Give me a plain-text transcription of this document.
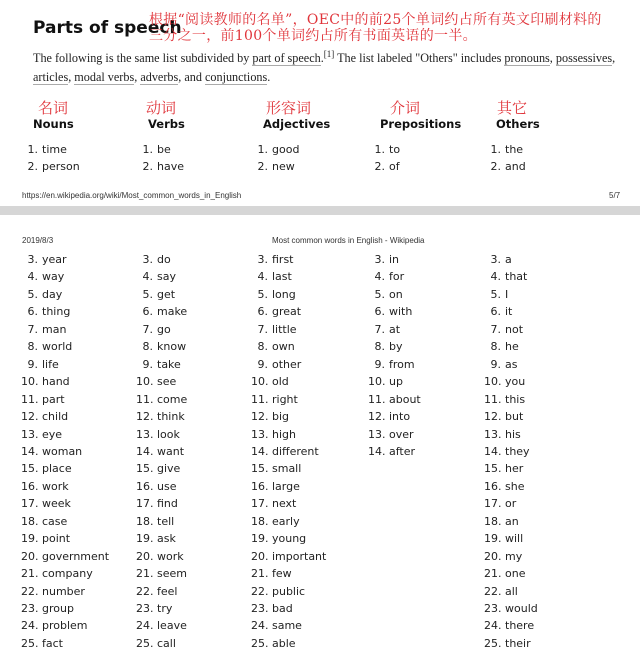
Parts of speech
根据“阅读教师的名单”，OEC中的前25个单词约占所有英文印刷材料的
三分之一，前100个单词约占所有书面英语的一半。
The following is the same list subdivided by part of speech.[1] The list labeled "Others" includes pronouns, possessives, articles, modal verbs, adverbs, and conjunctions.
名词
Nouns
1. time
2. person
3. year
4. way
5. day
6. thing
7. man
8. world
9. life
10. hand
11. part
12. child
13. eye
14. woman
15. place
16. work
17. week
18. case
19. point
20. government
21. company
22. number
23. group
24. problem
25. fact
动词
Verbs
1. be
2. have
3. do
4. say
5. get
6. make
7. go
8. know
9. take
10. see
11. come
12. think
13. look
14. want
15. give
16. use
17. find
18. tell
19. ask
20. work
21. seem
22. feel
23. try
24. leave
25. call
形容词
Adjectives
1. good
2. new
3. first
4. last
5. long
6. great
7. little
8. own
9. other
10. old
11. right
12. big
13. high
14. different
15. small
16. large
17. next
18. early
19. young
20. important
21. few
22. public
23. bad
24. same
25. able
介词
Prepositions
1. to
2. of
3. in
4. for
5. on
6. with
7. at
8. by
9. from
10. up
11. about
12. into
13. over
14. after
其它
Others
1. the
2. and
3. a
4. that
5. I
6. it
7. not
8. he
9. as
10. you
11. this
12. but
13. his
14. they
15. her
16. she
17. or
18. an
19. will
20. my
21. one
22. all
23. would
24. there
25. their
https://en.wikipedia.org/wiki/Most_common_words_in_English	5/7
2019/8/3	Most common words in English - Wikipedia
